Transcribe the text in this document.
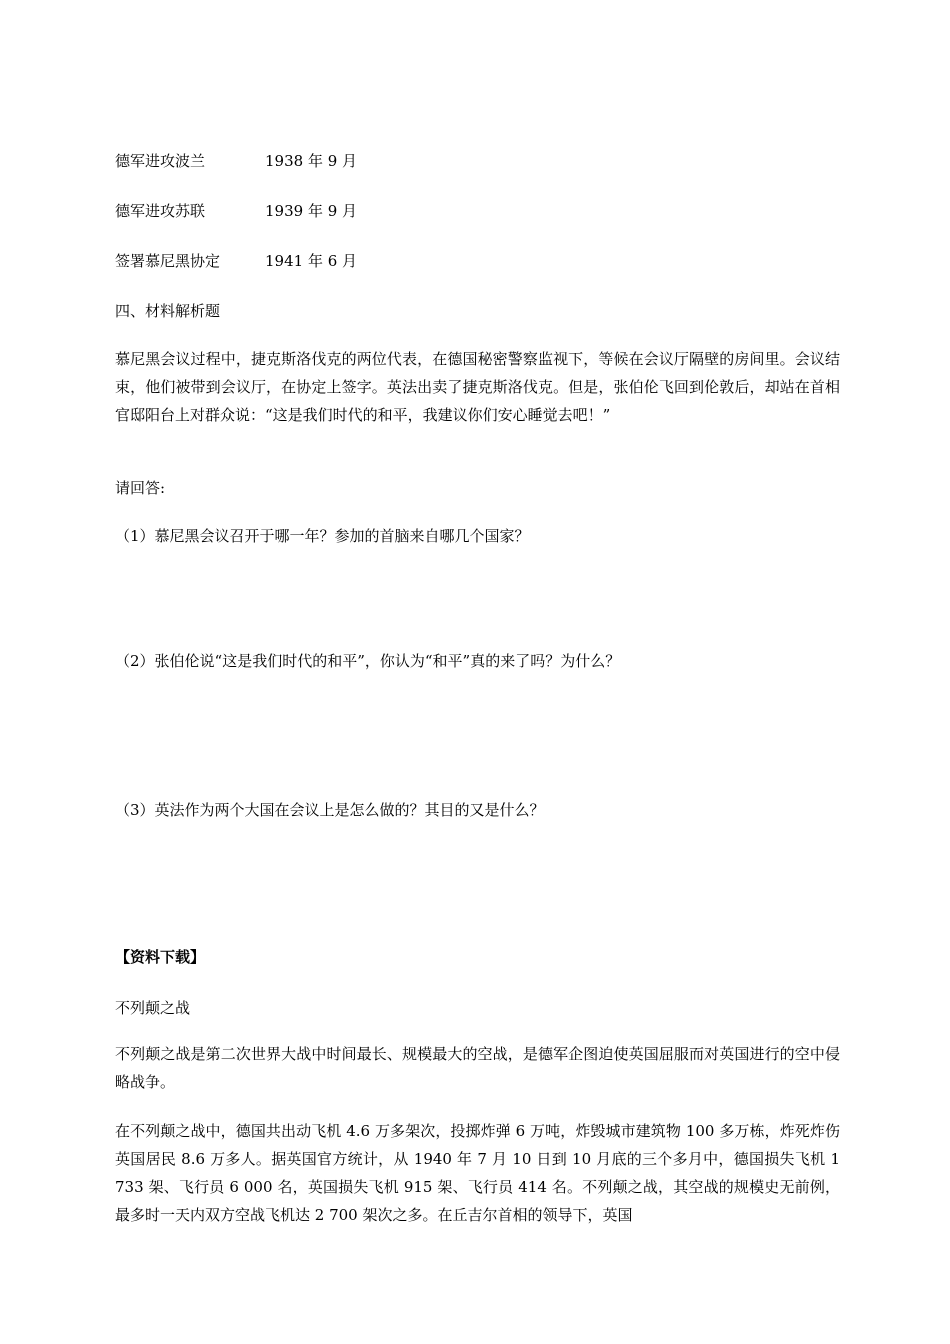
德军进攻波兰	1938 年 9 月
德军进攻苏联	1939 年 9 月
签署慕尼黑协定	1941 年 6 月
四、材料解析题
慕尼黑会议过程中，捷克斯洛伐克的两位代表，在德国秘密警察监视下，等候在会议厅隔壁的房间里。会议结束，他们被带到会议厅，在协定上签字。英法出卖了捷克斯洛伐克。但是，张伯伦飞回到伦敦后，却站在首相官邸阳台上对群众说：“这是我们时代的和平，我建议你们安心睡觉去吧！”
请回答:
（1）慕尼黑会议召开于哪一年？参加的首脑来自哪几个国家？
（2）张伯伦说“这是我们时代的和平”，你认为“和平”真的来了吗？为什么？
（3）英法作为两个大国在会议上是怎么做的？其目的又是什么？
【资料下载】
不列颠之战
不列颠之战是第二次世界大战中时间最长、规模最大的空战，是德军企图迫使英国屈服而对英国进行的空中侵略战争。
在不列颠之战中，德国共出动飞机 4.6 万多架次，投掷炸弹 6 万吨，炸毁城市建筑物 100 多万栋，炸死炸伤英国居民 8.6 万多人。据英国官方统计，从 1940 年 7 月 10 日到 10 月底的三个多月中，德国损失飞机 1 733 架、飞行员 6 000 名，英国损失飞机 915 架、飞行员 414 名。不列颠之战，其空战的规模史无前例，最多时一天内双方空战飞机达 2 700 架次之多。在丘吉尔首相的领导下，英国
